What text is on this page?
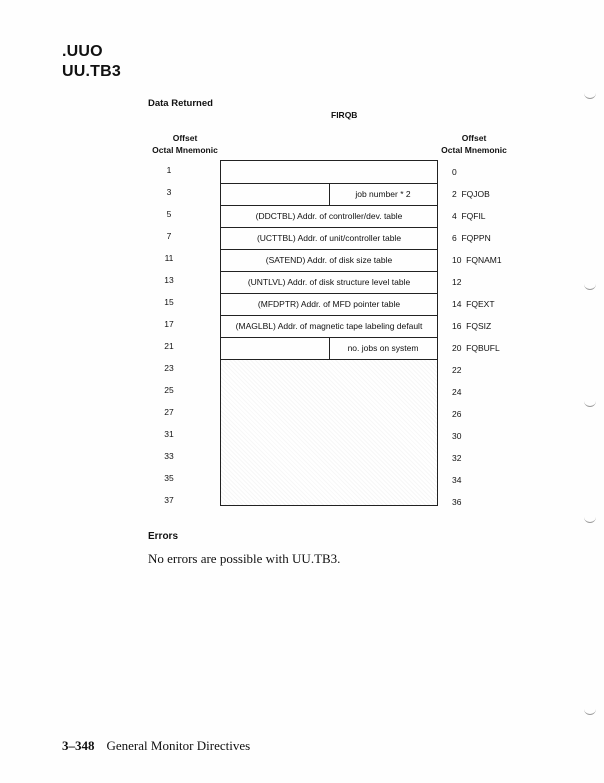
.UUO
UU.TB3
Data Returned
FIRQB
Offset
Octal Mnemonic
Offset
Octal Mnemonic
1
3
5
7
11
13
15
17
21
23
25
27
31
33
35
37
0
2  FQJOB
4  FQFIL
6  FQPPN
10  FQNAM1
12
14  FQEXT
16  FQSIZ
20  FQBUFL
22
24
26
30
32
34
36
job number * 2
(DDCTBL) Addr. of controller/dev. table
(UCTTBL) Addr. of unit/controller table
(SATEND) Addr. of disk size table
(UNTLVL) Addr. of disk structure level table
(MFDPTR) Addr. of MFD pointer table
(MAGLBL) Addr. of magnetic tape labeling default
no. jobs on system
Errors
No errors are possible with UU.TB3.
3–348 General Monitor Directives
